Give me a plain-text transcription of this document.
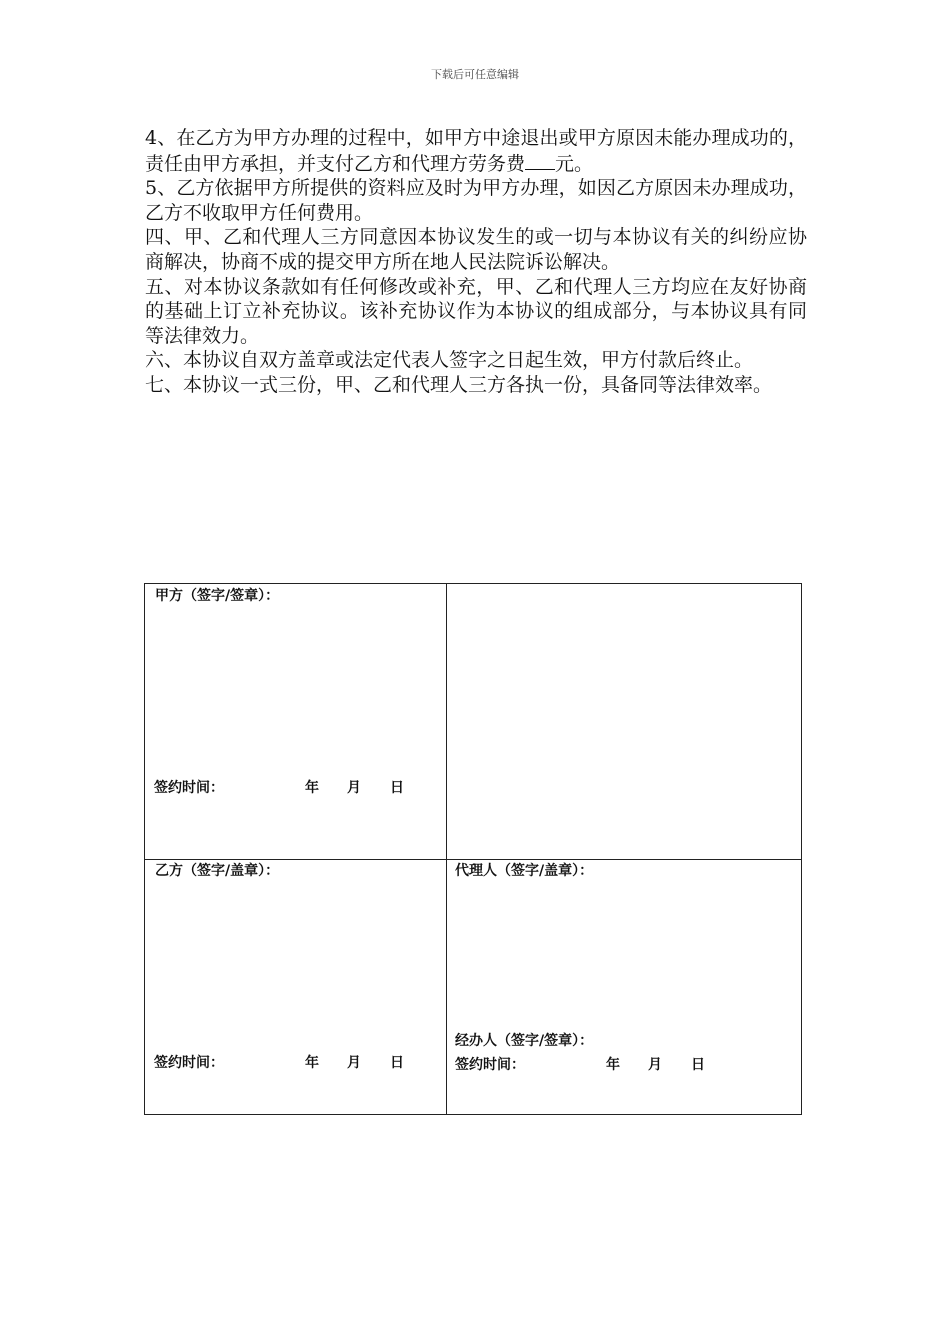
下载后可任意编辑

4、在乙方为甲方办理的过程中，如甲方中途退出或甲方原因未能办理成功的，责任由甲方承担，并支付乙方和代理方劳务费 元。

5、乙方依据甲方所提供的资料应及时为甲方办理，如因乙方原因未办理成功，乙方不收取甲方任何费用。

四、甲、乙和代理人三方同意因本协议发生的或一切与本协议有关的纠纷应协商解决，协商不成的提交甲方所在地人民法院诉讼解决。

五、对本协议条款如有任何修改或补充，甲、乙和代理人三方均应在友好协商的基础上订立补充协议。该补充协议作为本协议的组成部分，与本协议具有同等法律效力。

六、本协议自双方盖章或法定代表人签字之日起生效，甲方付款后终止。

七、本协议一式三份，甲、乙和代理人三方各执一份，具备同等法律效率。

甲方（签字/签章）：
签约时间：	年 月 日
乙方（签字/盖章）：
签约时间：	年 月 日
代理人（签字/盖章）：
经办人（签字/签章）：
签约时间：	年 月 日
